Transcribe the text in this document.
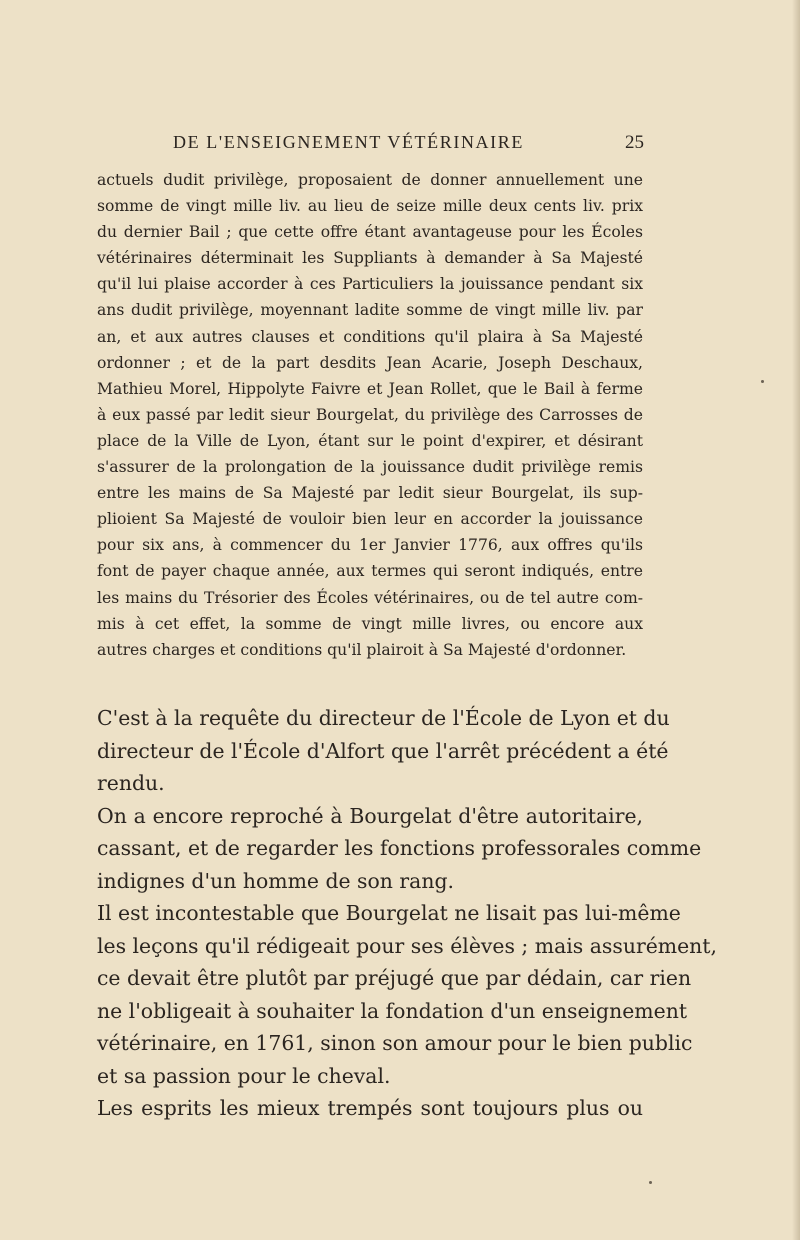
DE L'ENSEIGNEMENT VÉTÉRINAIRE	25
actuels dudit privilège, proposaient de donner annuellement une
somme de vingt mille liv. au lieu de seize mille deux cents liv. prix
du dernier Bail ; que cette offre étant avantageuse pour les Écoles
vétérinaires déterminait les Suppliants à demander à Sa Majesté
qu'il lui plaise accorder à ces Particuliers la jouissance pendant six
ans dudit privilège, moyennant ladite somme de vingt mille liv. par
an, et aux autres clauses et conditions qu'il plaira à Sa Majesté
ordonner ; et de la part desdits Jean Acarie, Joseph Deschaux,
Mathieu Morel, Hippolyte Faivre et Jean Rollet, que le Bail à ferme
à eux passé par ledit sieur Bourgelat, du privilège des Carrosses de
place de la Ville de Lyon, étant sur le point d'expirer, et désirant
s'assurer de la prolongation de la jouissance dudit privilège remis
entre les mains de Sa Majesté par ledit sieur Bourgelat, ils sup-
plioient Sa Majesté de vouloir bien leur en accorder la jouissance
pour six ans, à commencer du 1er Janvier 1776, aux offres qu'ils
font de payer chaque année, aux termes qui seront indiqués, entre
les mains du Trésorier des Écoles vétérinaires, ou de tel autre com-
mis à cet effet, la somme de vingt mille livres, ou encore aux
autres charges et conditions qu'il plairoit à Sa Majesté d'ordonner.
C'est à la requête du directeur de l'École de Lyon et du
directeur de l'École d'Alfort que l'arrêt précédent a été
rendu.
On a encore reproché à Bourgelat d'être autoritaire,
cassant, et de regarder les fonctions professorales comme
indignes d'un homme de son rang.
Il est incontestable que Bourgelat ne lisait pas lui-même
les leçons qu'il rédigeait pour ses élèves ; mais assurément,
ce devait être plutôt par préjugé que par dédain, car rien
ne l'obligeait à souhaiter la fondation d'un enseignement
vétérinaire, en 1761, sinon son amour pour le bien public
et sa passion pour le cheval.
Les esprits les mieux trempés sont toujours plus ou
